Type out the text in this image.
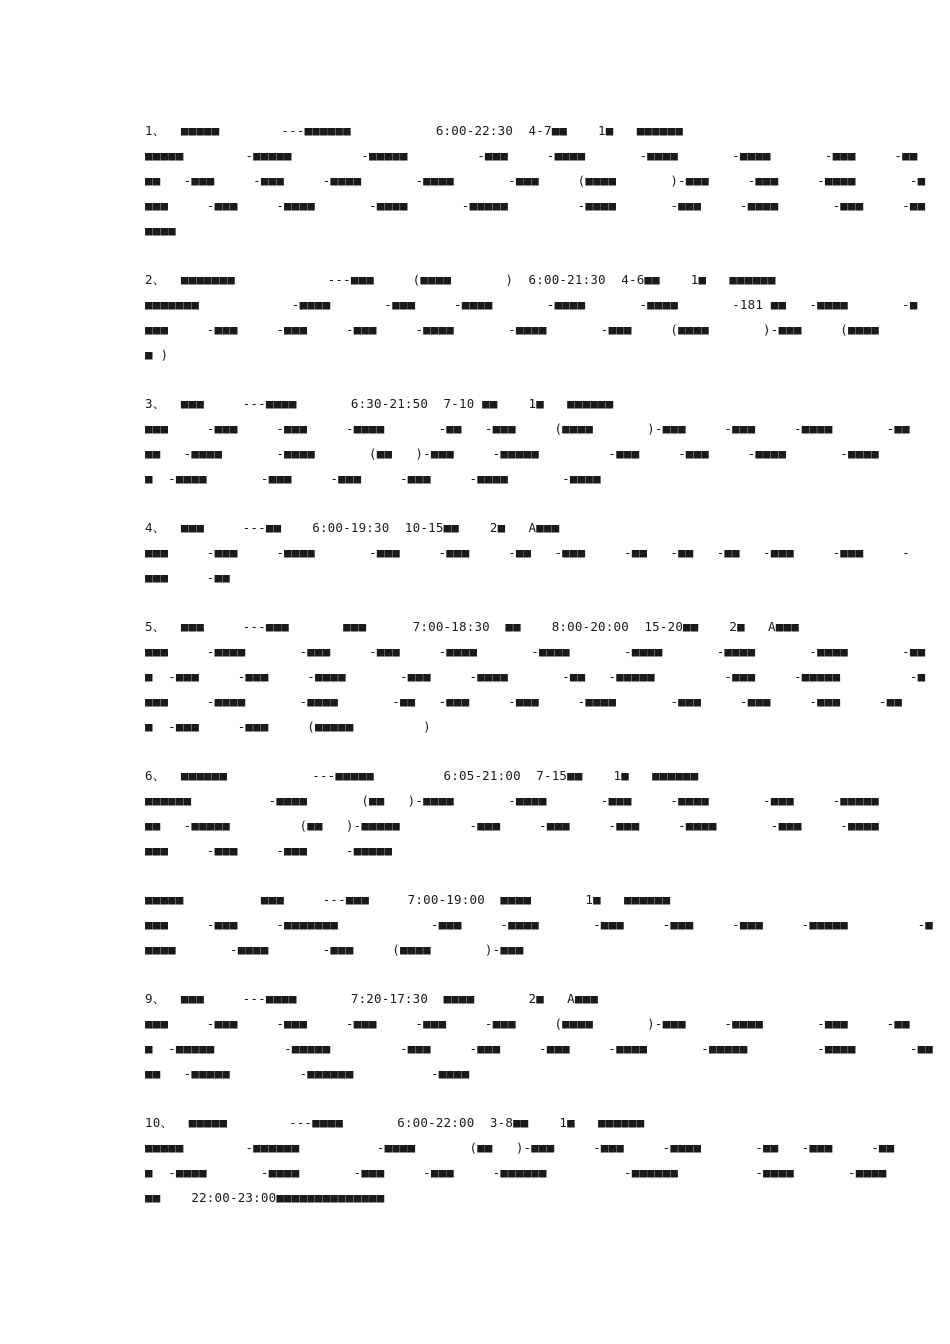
1、  ■■■■■        ---■■■■■■           6:00-22:30  4-7■■    1■   ■■■■■■
■■■■■        -■■■■■         -■■■■■         -■■■     -■■■■       -■■■■       -■■■■       -■■■     -■■
■■   -■■■     -■■■     -■■■■       -■■■■       -■■■     (■■■■       )-■■■     -■■■     -■■■■       -■
■■■     -■■■     -■■■■       -■■■■       -■■■■■         -■■■■       -■■■     -■■■■       -■■■     -■■
■■■■
2、  ■■■■■■■            ---■■■     (■■■■       )  6:00-21:30  4-6■■    1■   ■■■■■■
■■■■■■■            -■■■■       -■■■     -■■■■       -■■■■       -■■■■       -181 ■■   -■■■■       -■
■■■     -■■■     -■■■     -■■■     -■■■■       -■■■■       -■■■     (■■■■       )-■■■     (■■■■
■ )
3、  ■■■     ---■■■■       6:30-21:50  7-10 ■■    1■   ■■■■■■
■■■     -■■■     -■■■     -■■■■       -■■   -■■■     (■■■■       )-■■■     -■■■     -■■■■       -■■
■■   -■■■■       -■■■■       (■■   )-■■■     -■■■■■         -■■■     -■■■     -■■■■       -■■■■
■  -■■■■       -■■■     -■■■     -■■■     -■■■■       -■■■■
4、  ■■■     ---■■    6:00-19:30  10-15■■    2■   A■■■
■■■     -■■■     -■■■■       -■■■     -■■■     -■■   -■■■     -■■   -■■   -■■   -■■■     -■■■     -
■■■     -■■
5、  ■■■     ---■■■       ■■■      7:00-18:30  ■■    8:00-20:00  15-20■■    2■   A■■■
■■■     -■■■■       -■■■     -■■■     -■■■■       -■■■■       -■■■■       -■■■■       -■■■■       -■■
■  -■■■     -■■■     -■■■■       -■■■     -■■■■       -■■   -■■■■■         -■■■     -■■■■■         -■
■■■     -■■■■       -■■■■       -■■   -■■■     -■■■     -■■■■       -■■■     -■■■     -■■■     -■■
■  -■■■     -■■■     (■■■■■         )
6、  ■■■■■■           ---■■■■■         6:05-21:00  7-15■■    1■   ■■■■■■
■■■■■■          -■■■■       (■■   )-■■■■       -■■■■       -■■■     -■■■■       -■■■     -■■■■■
■■   -■■■■■         (■■   )-■■■■■         -■■■     -■■■     -■■■     -■■■■       -■■■     -■■■■
■■■     -■■■     -■■■     -■■■■■
■■■■■          ■■■     ---■■■     7:00-19:00  ■■■■       1■   ■■■■■■
■■■     -■■■     -■■■■■■■            -■■■     -■■■■       -■■■     -■■■     -■■■     -■■■■■         -■
■■■■       -■■■■       -■■■     (■■■■       )-■■■
9、  ■■■     ---■■■■       7:20-17:30  ■■■■       2■   A■■■
■■■     -■■■     -■■■     -■■■     -■■■     -■■■     (■■■■       )-■■■     -■■■■       -■■■     -■■
■  -■■■■■         -■■■■■         -■■■     -■■■     -■■■     -■■■■       -■■■■■         -■■■■       -■■
■■   -■■■■■         -■■■■■■          -■■■■
10、  ■■■■■        ---■■■■       6:00-22:00  3-8■■    1■   ■■■■■■
■■■■■        -■■■■■■          -■■■■       (■■   )-■■■     -■■■     -■■■■       -■■   -■■■     -■■
■  -■■■■       -■■■■       -■■■     -■■■     -■■■■■■          -■■■■■■          -■■■■       -■■■■
■■    22:00-23:00■■■■■■■■■■■■■■
